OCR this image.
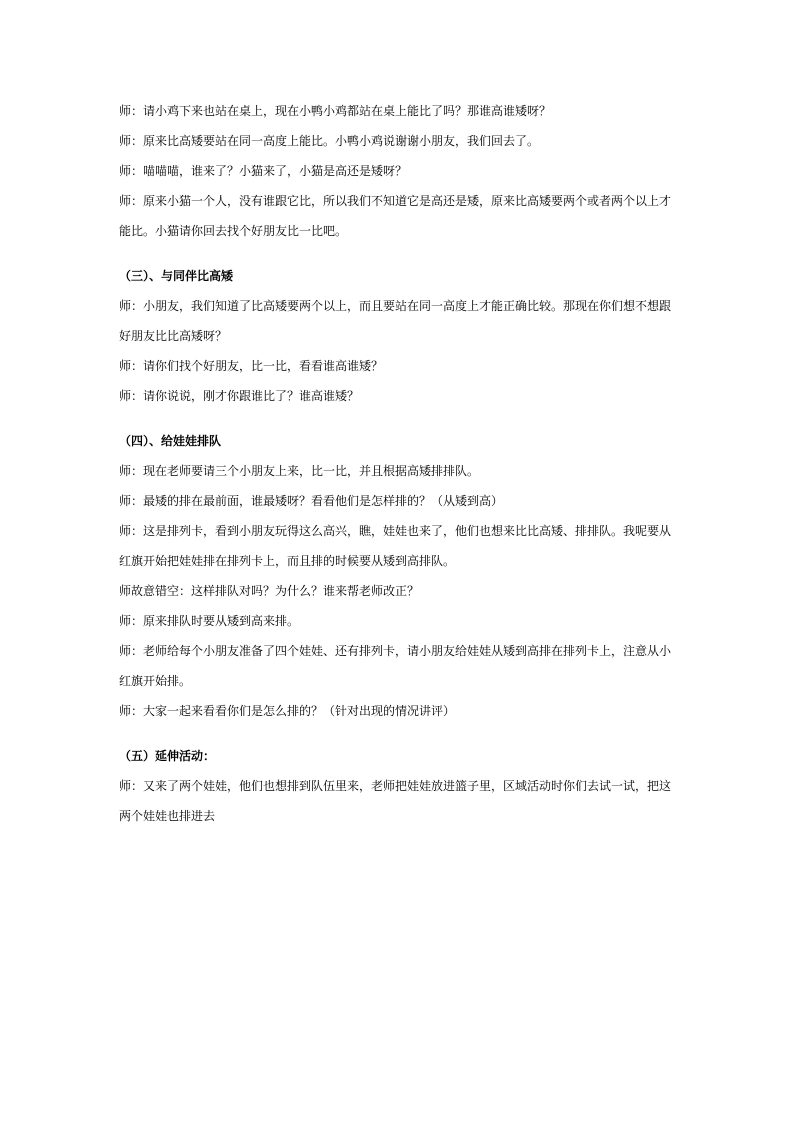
师：请小鸡下来也站在桌上，现在小鸭小鸡都站在桌上能比了吗？那谁高谁矮呀？

师：原来比高矮要站在同一高度上能比。小鸭小鸡说谢谢小朋友，我们回去了。

师：喵喵喵，谁来了？小猫来了，小猫是高还是矮呀？

师：原来小猫一个人，没有谁跟它比，所以我们不知道它是高还是矮，原来比高矮要两个或者两个以上才能比。小猫请你回去找个好朋友比一比吧。

（三）、与同伴比高矮

师：小朋友，我们知道了比高矮要两个以上，而且要站在同一高度上才能正确比较。那现在你们想不想跟好朋友比比高矮呀？

师：请你们找个好朋友，比一比，看看谁高谁矮？

师：请你说说，刚才你跟谁比了？谁高谁矮？

（四）、给娃娃排队

师：现在老师要请三个小朋友上来，比一比，并且根据高矮排排队。

师：最矮的排在最前面，谁最矮呀？看看他们是怎样排的？（从矮到高）

师：这是排列卡，看到小朋友玩得这么高兴，瞧，娃娃也来了，他们也想来比比高矮、排排队。我呢要从红旗开始把娃娃排在排列卡上，而且排的时候要从矮到高排队。

师故意错空：这样排队对吗？为什么？谁来帮老师改正？

师：原来排队时要从矮到高来排。

师：老师给每个小朋友准备了四个娃娃、还有排列卡，请小朋友给娃娃从矮到高排在排列卡上，注意从小红旗开始排。

师：大家一起来看看你们是怎么排的？（针对出现的情况讲评）

（五）延伸活动：

师：又来了两个娃娃，他们也想排到队伍里来，老师把娃娃放进篮子里，区域活动时你们去试一试，把这两个娃娃也排进去
